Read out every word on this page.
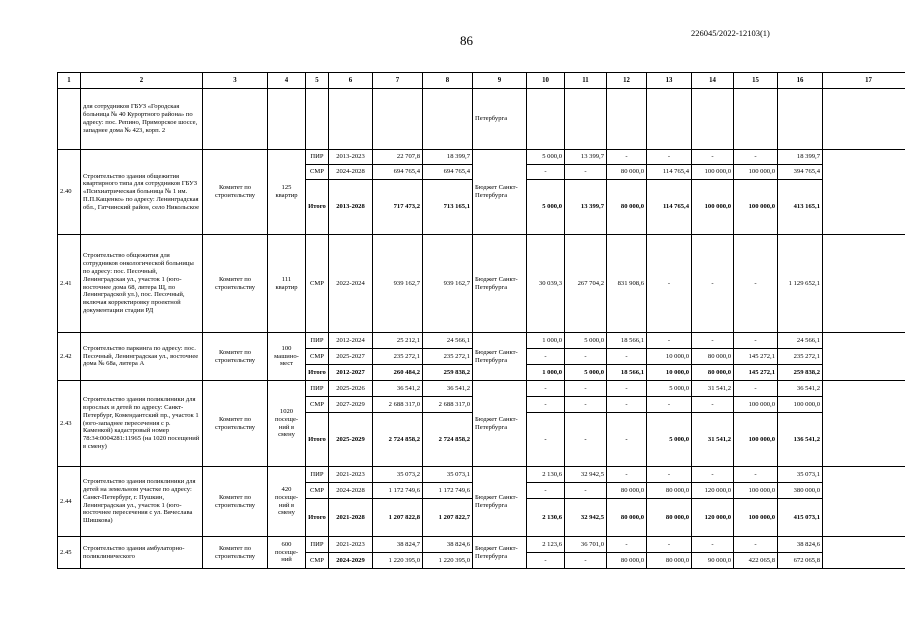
86	226045/2022-12103(1)
1	2	3	4	5	6	7	8	9	10	11	12	13	14	15	16	17
	для сотрудников ГБУЗ «Городская больница № 40 Курортного района» по адресу: пос. Репино, Приморское шоссе, западнее дома № 423, корп. 2							Петербурга								
2.40	Строительство здания общежития квартирного типа для сотрудников ГБУЗ «Психиатрическая больница № 1 им. П.П.Кащенко» по адресу: Ленинградская обл., Гатчинский район, село Никольское	Комитет по строительству	125 квартир	ПИР	2013-2023	22 707,8	18 399,7	Бюджет Санкт-Петербурга	5 000,0	13 399,7	-	-	-	-	18 399,7	
				СМР	2024-2028	694 765,4	694 765,4		-	-	80 000,0	114 765,4	100 000,0	100 000,0	394 765,4	
				Итого	2013-2028	717 473,2	713 165,1		5 000,0	13 399,7	80 000,0	114 765,4	100 000,0	100 000,0	413 165,1	
2.41	Строительство общежития для сотрудников онкологической больницы по адресу: пос. Песочный, Ленинградская ул., участок 1 (юго-восточнее дома 68, литера Щ, по Ленинградской ул.), пос. Песочный, включая корректировку проектной документации стадии РД	Комитет по строительству	111 квартир	СМР	2022-2024	939 162,7	939 162,7	Бюджет Санкт-Петербурга	30 039,3	267 704,2	831 908,6	-	-	-	1 129 652,1	
2.42	Строительство паркинга по адресу: пос. Песочный, Ленинградская ул., восточнее дома № 68а, литера А	Комитет по строительству	100 машино-мест	ПИР	2012-2024	25 212,1	24 566,1	Бюджет Санкт-Петербурга	1 000,0	5 000,0	18 566,1	-	-	-	24 566,1	
				СМР	2025-2027	235 272,1	235 272,1		-	-	-	10 000,0	80 000,0	145 272,1	235 272,1	
				Итого	2012-2027	260 484,2	259 838,2		1 000,0	5 000,0	18 566,1	10 000,0	80 000,0	145 272,1	259 838,2	
2.43	Строительство здания поликлиники для взрослых и детей по адресу: Санкт-Петербург, Комендантский пр., участок 1 (юго-западнее пересечения с р. Каменкой) кадастровый номер 78:34:0004281:11965 (на 1020 посещений в смену)	Комитет по строительству	1020 посеще-ний в смену	ПИР	2025-2026	36 541,2	36 541,2	Бюджет Санкт-Петербурга	-	-	-	5 000,0	31 541,2	-	36 541,2	
				СМР	2027-2029	2 688 317,0	2 688 317,0		-	-	-	-	-	100 000,0	100 000,0	
				Итого	2025-2029	2 724 858,2	2 724 858,2		-	-	-	5 000,0	31 541,2	100 000,0	136 541,2	
2.44	Строительство здания поликлиники для детей на земельном участке по адресу: Санкт-Петербург, г. Пушкин, Ленинградская ул., участок 1 (юго-восточнее пересечения с ул. Вячеслава Шишкова)	Комитет по строительству	420 посеще-ний в смену	ПИР	2021-2023	35 073,2	35 073,1	Бюджет Санкт-Петербурга	2 130,6	32 942,5	-	-	-	-	35 073,1	
				СМР	2024-2028	1 172 749,6	1 172 749,6		-	-	80 000,0	80 000,0	120 000,0	100 000,0	380 000,0	
				Итого	2021-2028	1 207 822,8	1 207 822,7		2 130,6	32 942,5	80 000,0	80 000,0	120 000,0	100 000,0	415 073,1	
2.45	Строительство здания амбулаторно-поликлинического	Комитет по строительству	600 посеще-ний	ПИР	2021-2023	38 824,7	38 824,6	Бюджет Санкт-Петербурга	2 123,6	36 701,0	-	-	-	-	38 824,6	
				СМР	2024-2029	1 220 395,0	1 220 395,0		-	-	80 000,0	80 000,0	90 000,0	422 065,8	672 065,8	
